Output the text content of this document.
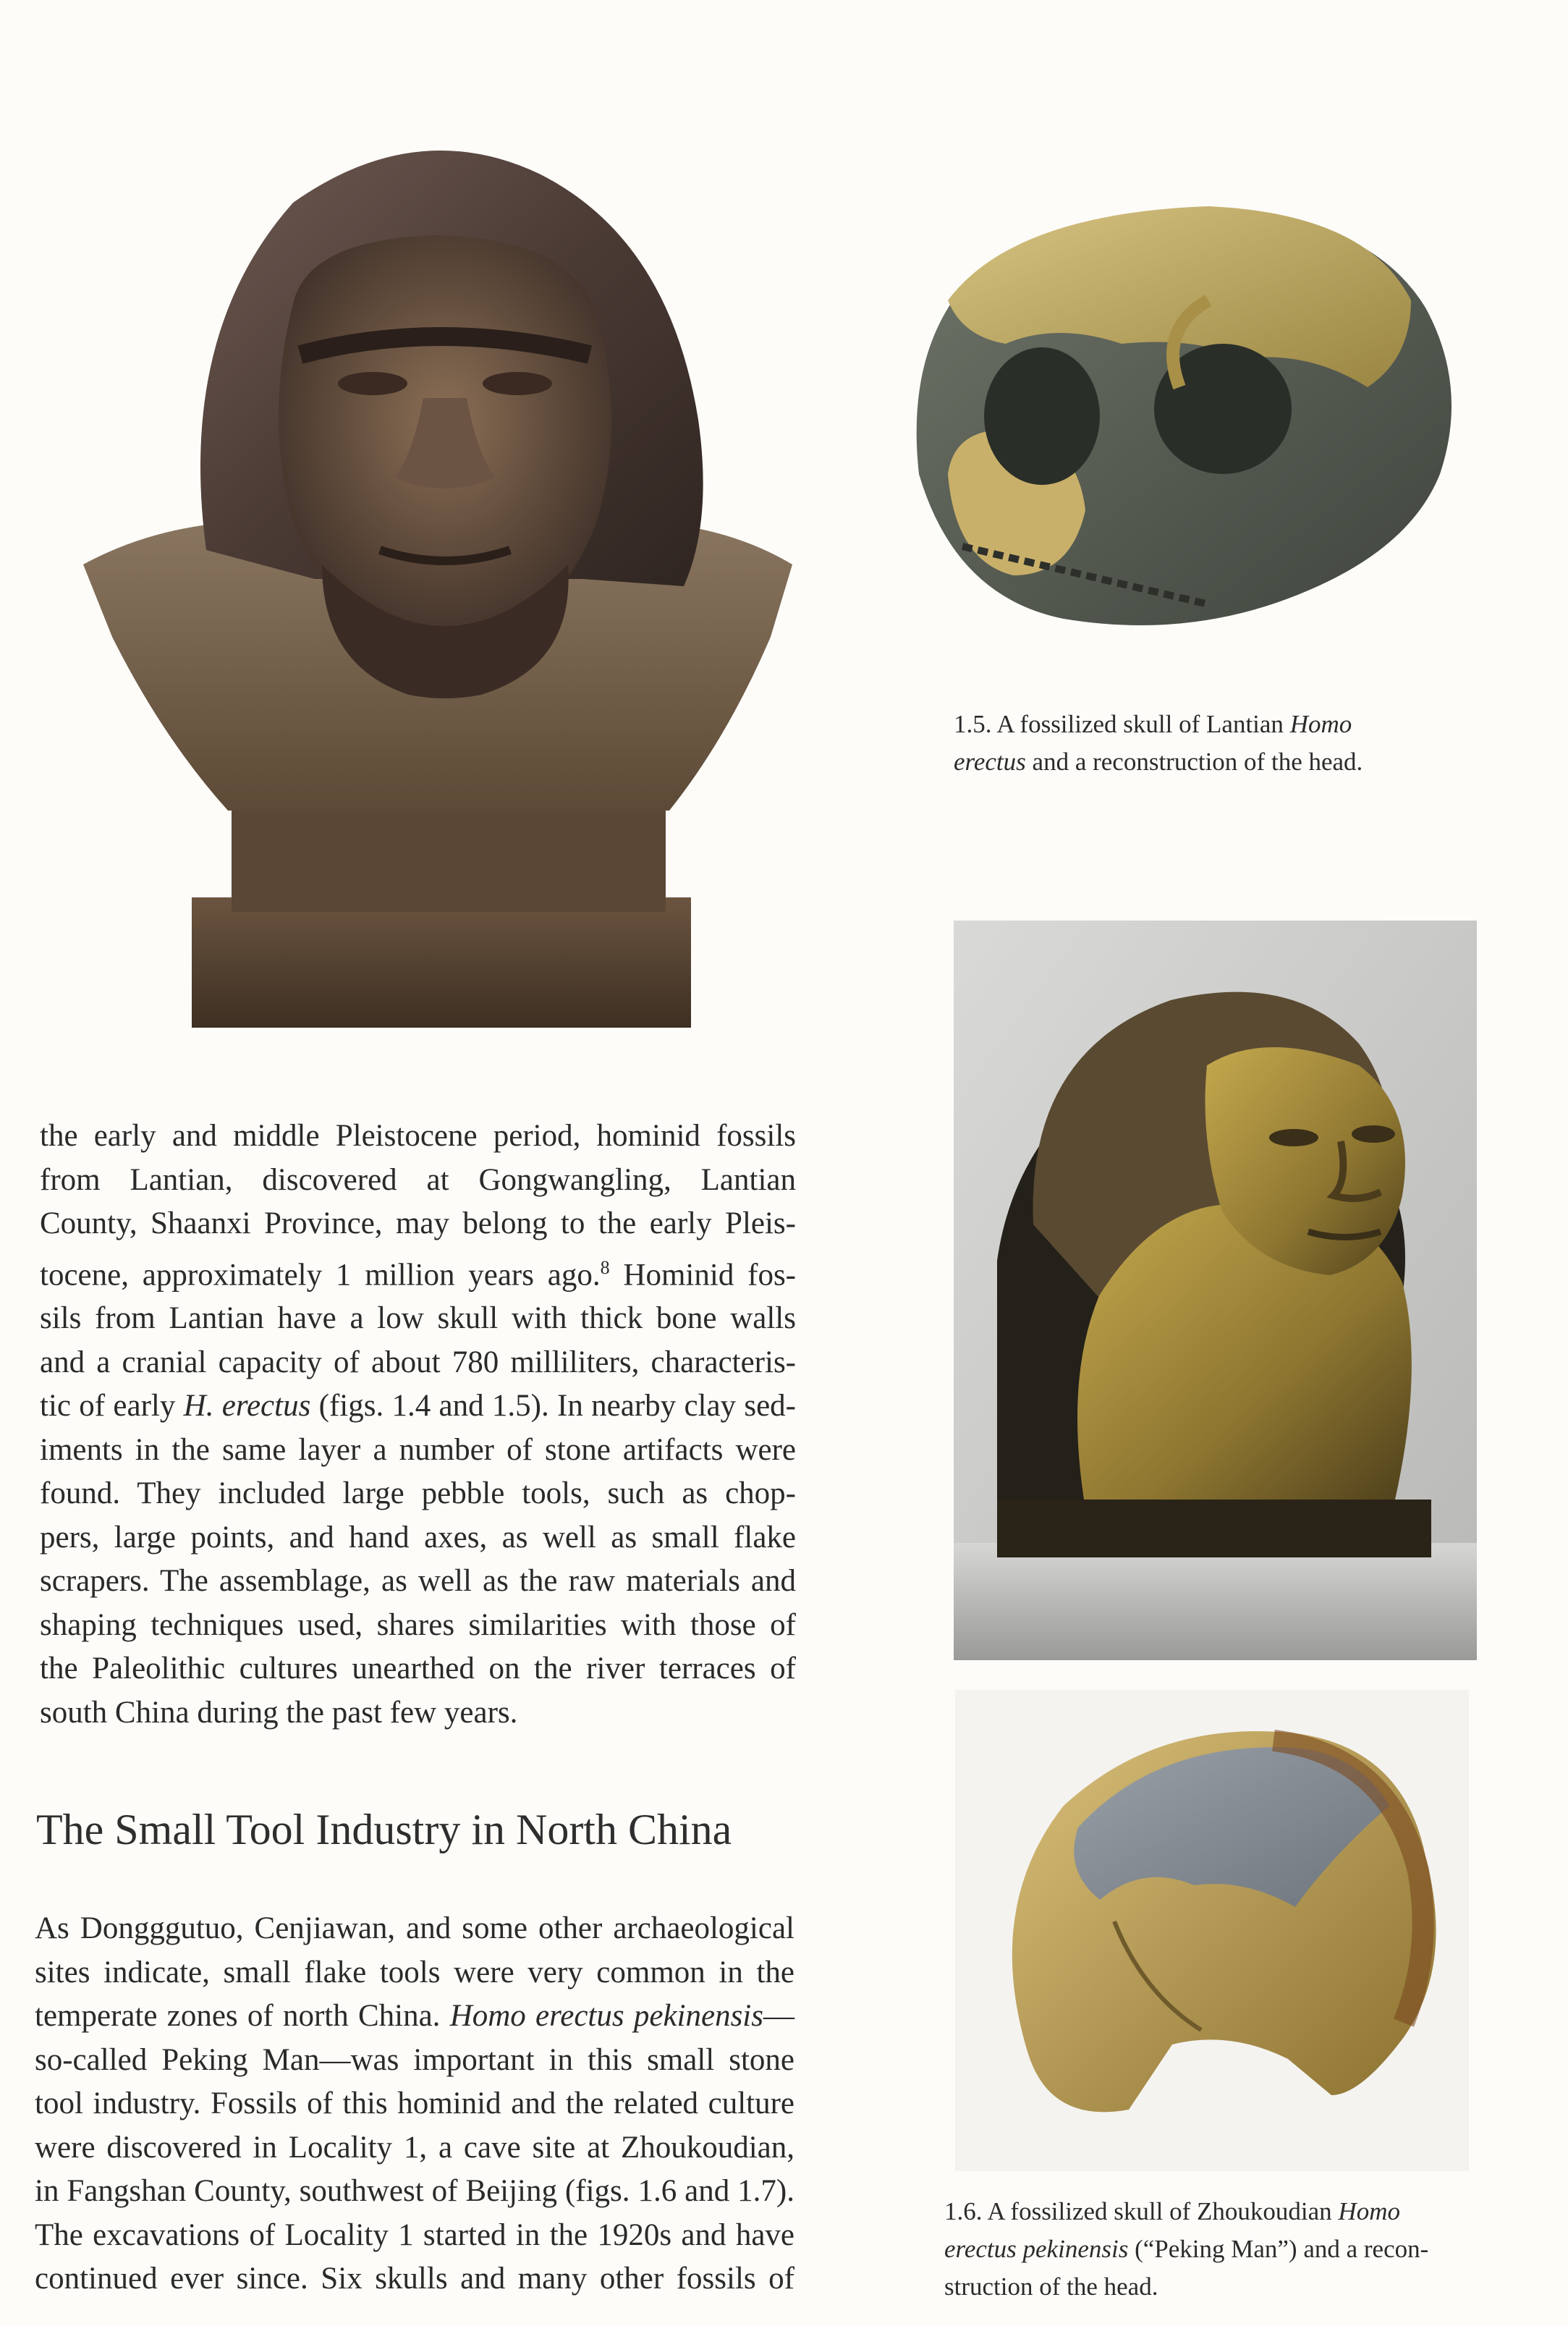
1.5. A fossilized skull of Lantian Homo
erectus and a reconstruction of the head.
1.6. A fossilized skull of Zhoukoudian Homo
erectus pekinensis (“Peking Man”) and a recon-
struction of the head.
the early and middle Pleistocene period, hominid fossils
from Lantian, discovered at Gongwangling, Lantian
County, Shaanxi Province, may belong to the early Pleis-
tocene, approximately 1 million years ago.$^8$ Hominid fos-
sils from Lantian have a low skull with thick bone walls
and a cranial capacity of about 780 milliliters, characteris-
tic of early H. erectus (figs. 1.4 and 1.5). In nearby clay sed-
iments in the same layer a number of stone artifacts were
found. They included large pebble tools, such as chop-
pers, large points, and hand axes, as well as small flake
scrapers. The assemblage, as well as the raw materials and
shaping techniques used, shares similarities with those of
the Paleolithic cultures unearthed on the river terraces of
south China during the past few years.
The Small Tool Industry in North China
As Dongggutuo, Cenjiawan, and some other archaeological
sites indicate, small flake tools were very common in the
temperate zones of north China. Homo erectus pekinensis—
so-called Peking Man—was important in this small stone
tool industry. Fossils of this hominid and the related culture
were discovered in Locality 1, a cave site at Zhoukoudian,
in Fangshan County, southwest of Beijing (figs. 1.6 and 1.7).
The excavations of Locality 1 started in the 1920s and have
continued ever since. Six skulls and many other fossils of
